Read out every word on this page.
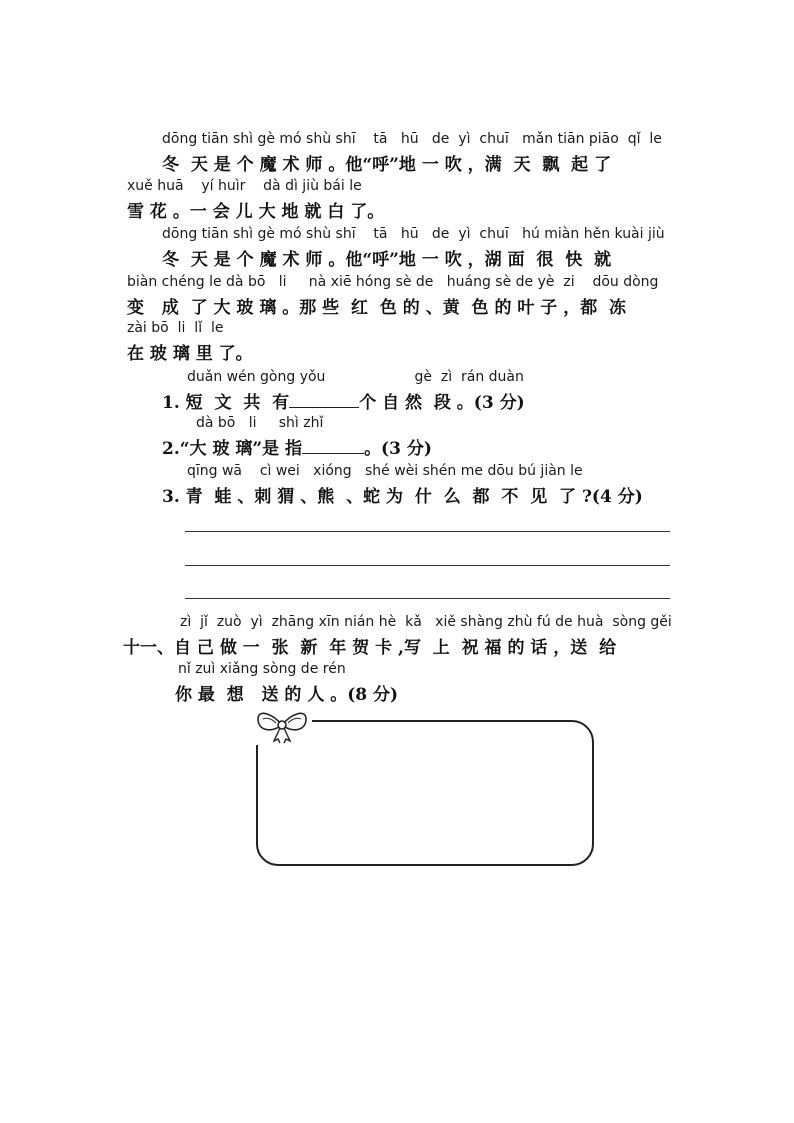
dōng tiān shì gè mó shù shī    tā   hū   de  yì  chuī   mǎn tiān piāo  qǐ  le
冬  天 是 个 魔 术 师 。他“呼”地 一 吹 ，满  天  飘  起 了
xuě huā    yí huìr    dà dì jiù bái le
雪 花 。一 会 儿 大 地 就 白 了。
dōng tiān shì gè mó shù shī    tā   hū   de  yì  chuī   hú miàn hěn kuài jiù
冬  天 是 个 魔 术 师 。他“呼”地 一 吹 ，湖 面  很  快  就
biàn chéng le dà bō   li     nà xiē hóng sè de   huáng sè de yè  zi    dōu dòng
变   成  了 大 玻 璃 。那 些  红  色 的 、黄  色 的 叶 子 ，都  冻
zài bō  li  lǐ  le
在 玻 璃 里 了。
duǎn wén gòng yǒu                    gè  zì  rán duàn
1. 短  文  共  有	个 自 然  段 。(3 分)
dà bō   li     shì zhǐ
2.“大 玻 璃”是 指	。(3 分)
qīng wā    cì wei   xióng   shé wèi shén me dōu bú jiàn le
3. 青  蛙 、刺 猬 、熊  、蛇 为  什  么  都  不  见  了 ?(4 分)
zì  jǐ  zuò  yì  zhāng xīn nián hè  kǎ   xiě shàng zhù fú de huà  sòng gěi
十一、自 己 做 一  张  新  年 贺 卡 ,写  上  祝 福 的 话 ，送  给
nǐ zuì xiǎng sòng de rén
你 最  想   送 的 人 。(8 分)
